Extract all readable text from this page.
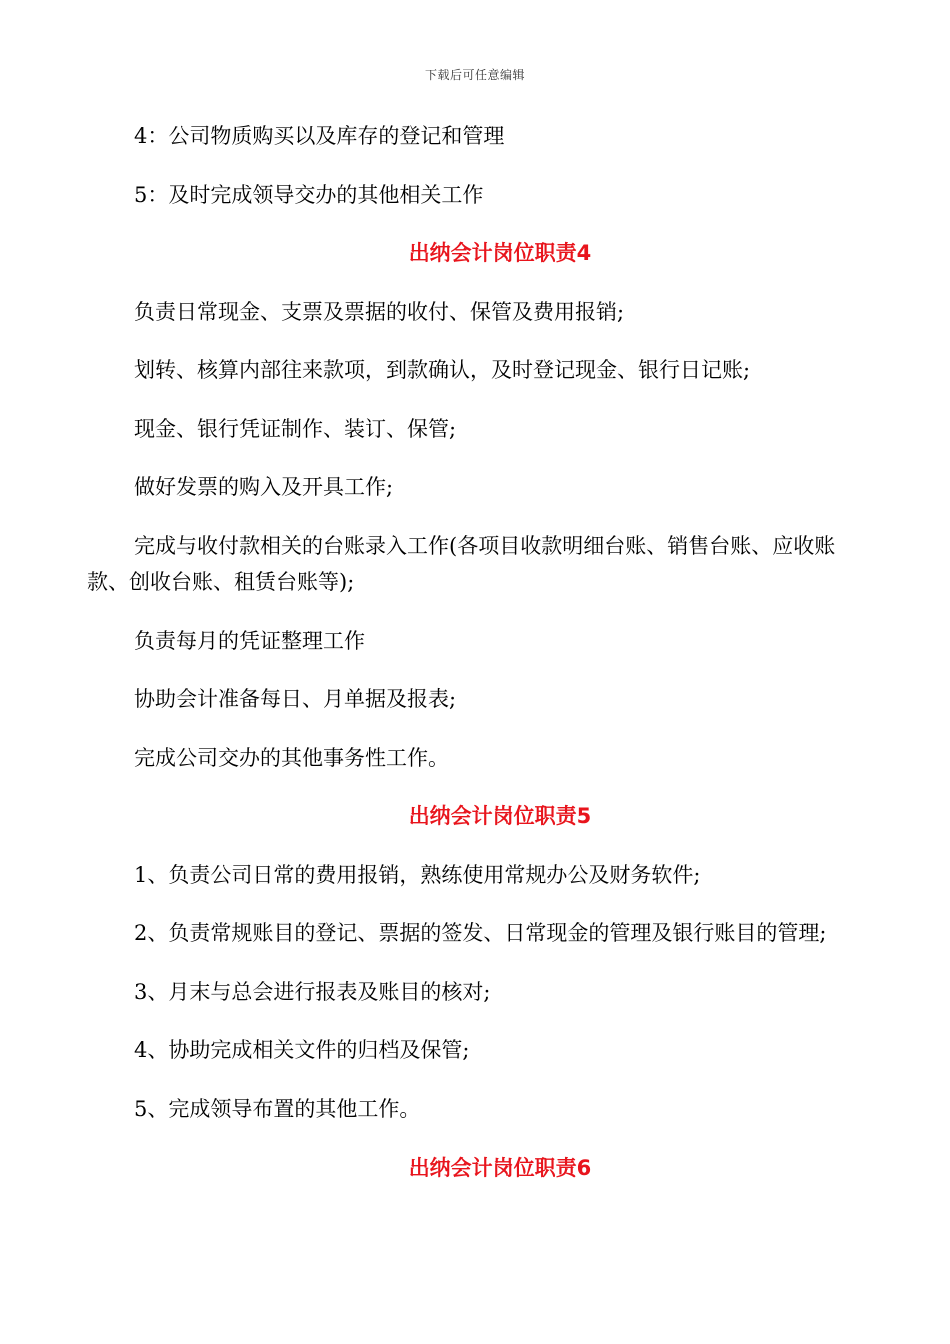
下载后可任意编辑
4：公司物质购买以及库存的登记和管理
5：及时完成领导交办的其他相关工作
出纳会计岗位职责4
负责日常现金、支票及票据的收付、保管及费用报销;
划转、核算内部往来款项，到款确认，及时登记现金、银行日记账;
现金、银行凭证制作、装订、保管;
做好发票的购入及开具工作;
完成与收付款相关的台账录入工作(各项目收款明细台账、销售台账、应收账款、创收台账、租赁台账等);
负责每月的凭证整理工作
协助会计准备每日、月单据及报表;
完成公司交办的其他事务性工作。
出纳会计岗位职责5
1、负责公司日常的费用报销，熟练使用常规办公及财务软件;
2、负责常规账目的登记、票据的签发、日常现金的管理及银行账目的管理;
3、月末与总会进行报表及账目的核对;
4、协助完成相关文件的归档及保管;
5、完成领导布置的其他工作。
出纳会计岗位职责6
